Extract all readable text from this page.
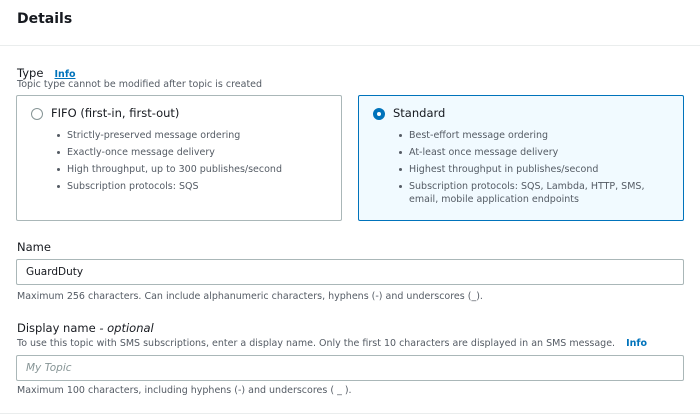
Details
Type Info
Topic type cannot be modified after topic is created
FIFO (first-in, first-out)
Strictly-preserved message ordering
Exactly-once message delivery
High throughput, up to 300 publishes/second
Subscription protocols: SQS
Standard
Best-effort message ordering
At-least once message delivery
Highest throughput in publishes/second
Subscription protocols: SQS, Lambda, HTTP, SMS, email, mobile application endpoints
Name
GuardDuty
Maximum 256 characters. Can include alphanumeric characters, hyphens (-) and underscores (_).
Display name - optional
To use this topic with SMS subscriptions, enter a display name. Only the first 10 characters are displayed in an SMS message. Info
My Topic
Maximum 100 characters, including hyphens (-) and underscores ( _ ).
